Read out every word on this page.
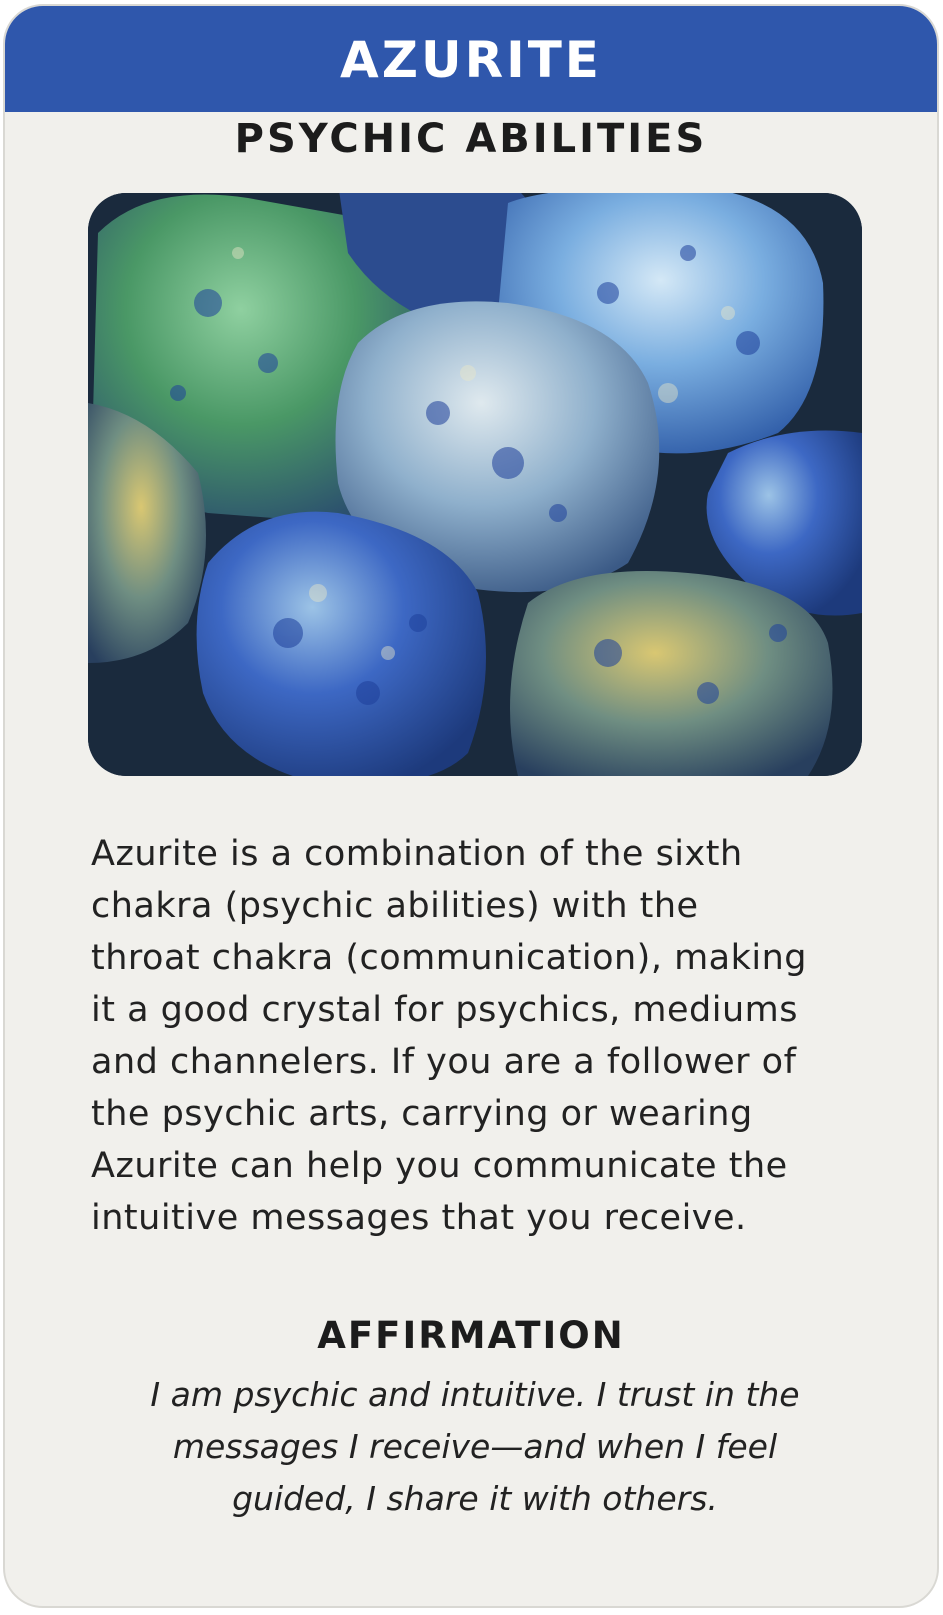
AZURITE
PSYCHIC ABILITIES
Azurite is a combination of the sixth
chakra (psychic abilities) with the
throat chakra (communication), making
it a good crystal for psychics, mediums
and channelers. If you are a follower of
the psychic arts, carrying or wearing
Azurite can help you communicate the
intuitive messages that you receive.
AFFIRMATION
I am psychic and intuitive. I trust in the
messages I receive—and when I feel
guided, I share it with others.
